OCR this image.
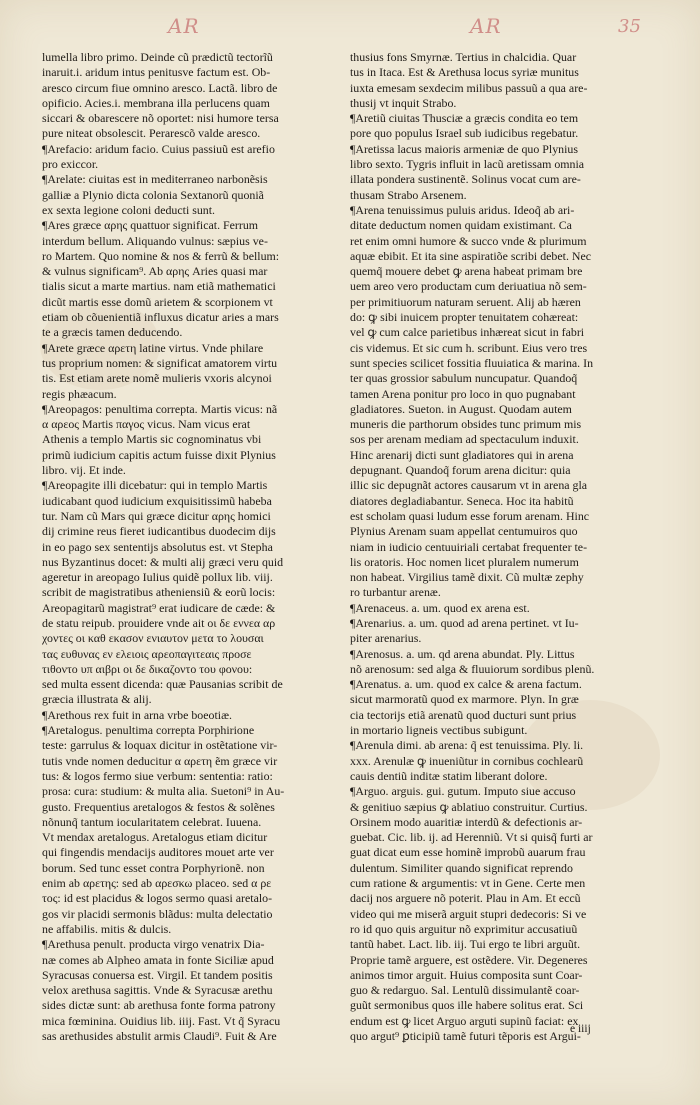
AR	AR	35
lumella libro primo. Deinde cũ prædictũ tectorĩũ
inaruit.i. aridum intus penitusve factum est. Ob-
aresco circum fiue omnino aresco. Lactã. libro de
opificio. Acies.i. membrana illa perlucens quam
siccari & obarescere nõ oportet: nisi humore tersa
pure niteat obsolescit. Perarescõ valde aresco.
¶Arefacio: aridum facio. Cuius passiuũ est arefio
pro exiccor.
¶Arelate: ciuitas est in mediterraneo narbonẽsis
galliæ a Plynio dicta colonia Sextanorũ quoniã
ex sexta legione coloni deducti sunt.
¶Ares græce αρης quattuor significat. Ferrum
interdum bellum. Aliquando vulnus: sæpius ve-
ro Martem. Quo nomine & nos & ferrũ & bellum:
& vulnus significam⁹. Ab αρης Aries quasi mar
tialis sicut a marte martius. nam etiã mathematici
dicũt martis esse domũ arietem & scorpionem vt
etiam ob cõuenientiã influxus dicatur aries a mars
te a græcis tamen deducendo.
¶Arete græce αρετη latine virtus. Vnde philare
tus proprium nomen: & significat amatorem virtu
tis. Est etiam arete nomẽ mulieris vxoris alcynoi
regis phæacum.
¶Areopagos: penultima correpta. Martis vicus: nã
α αρεος Martis παγος vicus. Nam vicus erat
Athenis a templo Martis sic cognominatus vbi
primũ iudicium capitis actum fuisse dixit Plynius
libro. vij. Et inde.
¶Areopagite illi dicebatur: qui in templo Martis
iudicabant quod iudicium exquisitissimũ habeba
tur. Nam cũ Mars qui græce dicitur αρης homici
dij crimine reus fieret iudicantibus duodecim dijs
in eo pago sex sententijs absolutus est. vt Stepha
nus Byzantinus docet: & multi alij græci veru quid
ageretur in areopago Iulius quidẽ pollux lib. viij.
scribit de magistratibus atheniensiũ & eorũ locis:
Areopagitarũ magistrat⁹ erat iudicare de cæde: &
de statu reipub. prouidere vnde ait οι δε εννεα αρ
χοντες οι καθ εκασον ενιαυτον μετα το λουσαι
τας ευθυνας εν ελειοις αρεοπαγιτεαις προσε
τιθοντο υπ αιβρι οι δε δικαζοντο του φονου:
sed multa essent dicenda: quæ Pausanias scribit de
græcia illustrata & alij.
¶Arethous rex fuit in arna vrbe boeotiæ.
¶Aretalogus. penultima correpta Porphirione
teste: garrulus & loquax dicitur in ostẽtatione vir-
tutis vnde nomen deducitur α αρετη ẽm græce vir
tus: & logos fermo siue verbum: sententia: ratio:
prosa: cura: studium: & multa alia. Suetoni⁹ in Au-
gusto. Frequentius aretalogos & festos & solẽnes
nõnunq̃ tantum iocularitatem celebrat. Iuuena.
Vt mendax aretalogus. Aretalogus etiam dicitur
qui fingendis mendacijs auditores mouet arte ver
borum. Sed tunc esset contra Porphyrionẽ. non
enim ab αρετης: sed ab αρεσκω placeo. sed α ρε
τος: id est placidus & logos sermo quasi aretalo-
gos vir placidi sermonis blãdus: multa delectatio
ne affabilis. mitis & dulcis.
¶Arethusa penult. producta virgo venatrix Dia-
næ comes ab Alpheo amata in fonte Siciliæ apud
Syracusas conuersa est. Virgil. Et tandem positis
velox arethusa sagittis. Vnde & Syracusæ arethu
sides dictæ sunt: ab arethusa fonte forma patrony
mica fœminina. Ouidius lib. iiij. Fast. Vt q̃ Syracu
sas arethusides abstulit armis Claudi⁹. Fuit & Are
thusius fons Smyrnæ. Tertius in chalcidia. Quar
tus in Itaca. Est & Arethusa locus syriæ munitus
iuxta emesam sexdecim milibus passuũ a qua are-
thusij vt inquit Strabo.
¶Aretiũ ciuitas Thusciæ a græcis condita eo tem
pore quo populus Israel sub iudicibus regebatur.
¶Aretissa lacus maioris armeniæ de quo Plynius
libro sexto. Tygris influit in lacũ aretissam omnia
illata pondera sustinentẽ. Solinus vocat cum are-
thusam Strabo Arsenem.
¶Arena tenuissimus puluis aridus. Ideoq̃ ab ari-
ditate deductum nomen quidam existimant. Ca
ret enim omni humore & succo vnde & plurimum
aquæ ebibit. Et ita sine aspiratiõe scribi debet. Nec
quemq̃ mouere debet ꝙ arena habeat primam bre
uem areo vero productam cum deriuatiua nõ sem-
per primitiuorum naturam seruent. Alij ab hæren
do: ꝙ sibi inuicem propter tenuitatem cohæreat:
vel ꝙ cum calce parietibus inhæreat sicut in fabri
cis videmus. Et sic cum h. scribunt. Eius vero tres
sunt species scilicet fossitia fluuiatica & marina. In
ter quas grossior sabulum nuncupatur. Quandoq̃
tamen Arena ponitur pro loco in quo pugnabant
gladiatores. Sueton. in August. Quodam autem
muneris die parthorum obsides tunc primum mis
sos per arenam mediam ad spectaculum induxit.
Hinc arenarij dicti sunt gladiatores qui in arena
depugnant. Quandoq̃ forum arena dicitur: quia
illic sic depugnãt actores causarum vt in arena gla
diatores degladiabantur. Seneca. Hoc ita habitũ
est scholam quasi ludum esse forum arenam. Hinc
Plynius Arenam suam appellat centumuiros quo
niam in iudicio centuuiriali certabat frequenter te-
lis oratoris. Hoc nomen licet pluralem numerum
non habeat. Virgilius tamẽ dixit. Cũ multæ zephy
ro turbantur arenæ.
¶Arenaceus. a. um. quod ex arena est.
¶Arenarius. a. um. quod ad arena pertinet. vt Iu-
piter arenarius.
¶Arenosus. a. um. qd arena abundat. Ply. Littus
nõ arenosum: sed alga & fluuiorum sordibus plenũ.
¶Arenatus. a. um. quod ex calce & arena factum.
sicut marmoratũ quod ex marmore. Plyn. In græ
cia tectorijs etiã arenatũ quod ducturi sunt prius
in mortario ligneis vectibus subigunt.
¶Arenula dimi. ab arena: q̃ est tenuissima. Ply. li.
xxx. Arenulæ ꝙ inueniũtur in cornibus cochlearũ
cauis dentiũ inditæ statim liberant dolore.
¶Arguo. arguis. gui. gutum. Imputo siue accuso
& genitiuo sæpius ꝙ ablatiuo construitur. Curtius.
Orsinem modo auaritiæ interdũ & defectionis ar-
guebat. Cic. lib. ij. ad Herenniũ. Vt si quisq̃ furti ar
guat dicat eum esse hominẽ improbũ auarum frau
dulentum. Similiter quando significat reprendo
cum ratione & argumentis: vt in Gene. Certe men
dacij nos arguere nõ poterit. Plau in Am. Et eccũ
video qui me miserã arguit stupri dedecoris: Si ve
ro id quo quis arguitur nõ exprimitur accusatiuũ
tantũ habet. Lact. lib. iij. Tui ergo te libri arguũt.
Proprie tamẽ arguere, est ostẽdere. Vir. Degeneres
animos timor arguit. Huius composita sunt Coar-
guo & redarguo. Sal. Lentulũ dissimulantẽ coar-
guũt sermonibus quos ille habere solitus erat. Sci
endum est ꝙ licet Arguo arguti supinũ faciat: ex
quo argut⁹ ꝑticipiũ tamẽ futuri tẽporis est Argui-
e iiij
